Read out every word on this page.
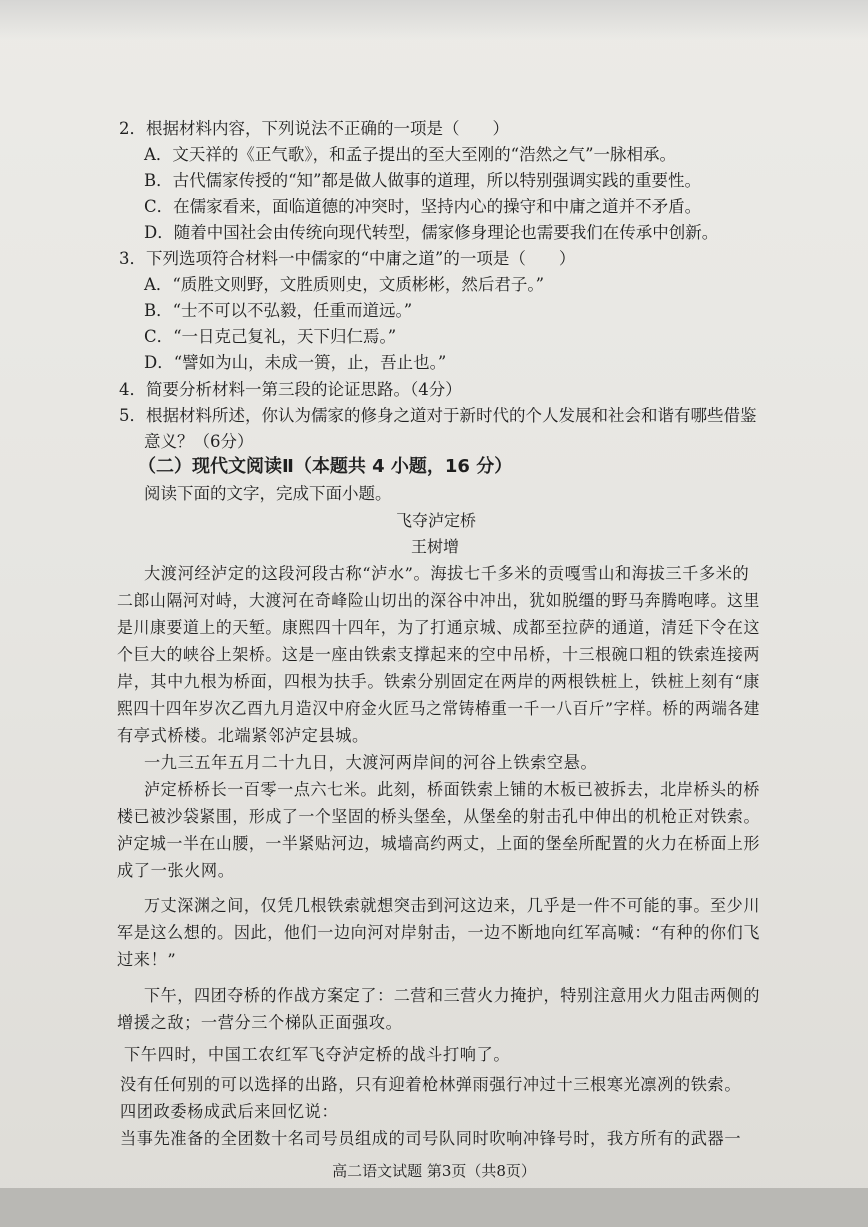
2．根据材料内容，下列说法不正确的一项是（　　）
A．文天祥的《正气歌》，和孟子提出的至大至刚的“浩然之气”一脉相承。
B．古代儒家传授的“知”都是做人做事的道理，所以特别强调实践的重要性。
C．在儒家看来，面临道德的冲突时，坚持内心的操守和中庸之道并不矛盾。
D．随着中国社会由传统向现代转型，儒家修身理论也需要我们在传承中创新。
3．下列选项符合材料一中儒家的“中庸之道”的一项是（　　）
A．“质胜文则野，文胜质则史，文质彬彬，然后君子。”
B．“士不可以不弘毅，任重而道远。”
C．“一日克己复礼，天下归仁焉。”
D．“譬如为山，未成一篑，止，吾止也。”
4．简要分析材料一第三段的论证思路。（4分）
5．根据材料所述，你认为儒家的修身之道对于新时代的个人发展和社会和谐有哪些借鉴
意义？（6分）
（二）现代文阅读Ⅱ（本题共 4 小题，16 分）
阅读下面的文字，完成下面小题。
飞夺泸定桥
王树增
大渡河经泸定的这段河段古称“泸水”。海拔七千多米的贡嘎雪山和海拔三千多米的
二郎山隔河对峙，大渡河在奇峰险山切出的深谷中冲出，犹如脱缰的野马奔腾咆哮。这里
是川康要道上的天堑。康熙四十四年，为了打通京城、成都至拉萨的通道，清廷下令在这
个巨大的峡谷上架桥。这是一座由铁索支撑起来的空中吊桥，十三根碗口粗的铁索连接两
岸，其中九根为桥面，四根为扶手。铁索分别固定在两岸的两根铁桩上，铁桩上刻有“康
熙四十四年岁次乙酉九月造汉中府金火匠马之常铸椿重一千一八百斤”字样。桥的两端各建
有亭式桥楼。北端紧邻泸定县城。
一九三五年五月二十九日，大渡河两岸间的河谷上铁索空悬。
泸定桥桥长一百零一点六七米。此刻，桥面铁索上铺的木板已被拆去，北岸桥头的桥
楼已被沙袋紧围，形成了一个坚固的桥头堡垒，从堡垒的射击孔中伸出的机枪正对铁索。
泸定城一半在山腰，一半紧贴河边，城墙高约两丈，上面的堡垒所配置的火力在桥面上形
成了一张火网。
万丈深渊之间，仅凭几根铁索就想突击到河这边来，几乎是一件不可能的事。至少川
军是这么想的。因此，他们一边向河对岸射击，一边不断地向红军高喊：“有种的你们飞
过来！”
下午，四团夺桥的作战方案定了：二营和三营火力掩护，特别注意用火力阻击两侧的
增援之敌；一营分三个梯队正面强攻。
下午四时，中国工农红军飞夺泸定桥的战斗打响了。
没有任何别的可以选择的出路，只有迎着枪林弹雨强行冲过十三根寒光凛冽的铁索。
四团政委杨成武后来回忆说：
当事先准备的全团数十名司号员组成的司号队同时吹响冲锋号时，我方所有的武器一
高二语文试题 第3页（共8页）
